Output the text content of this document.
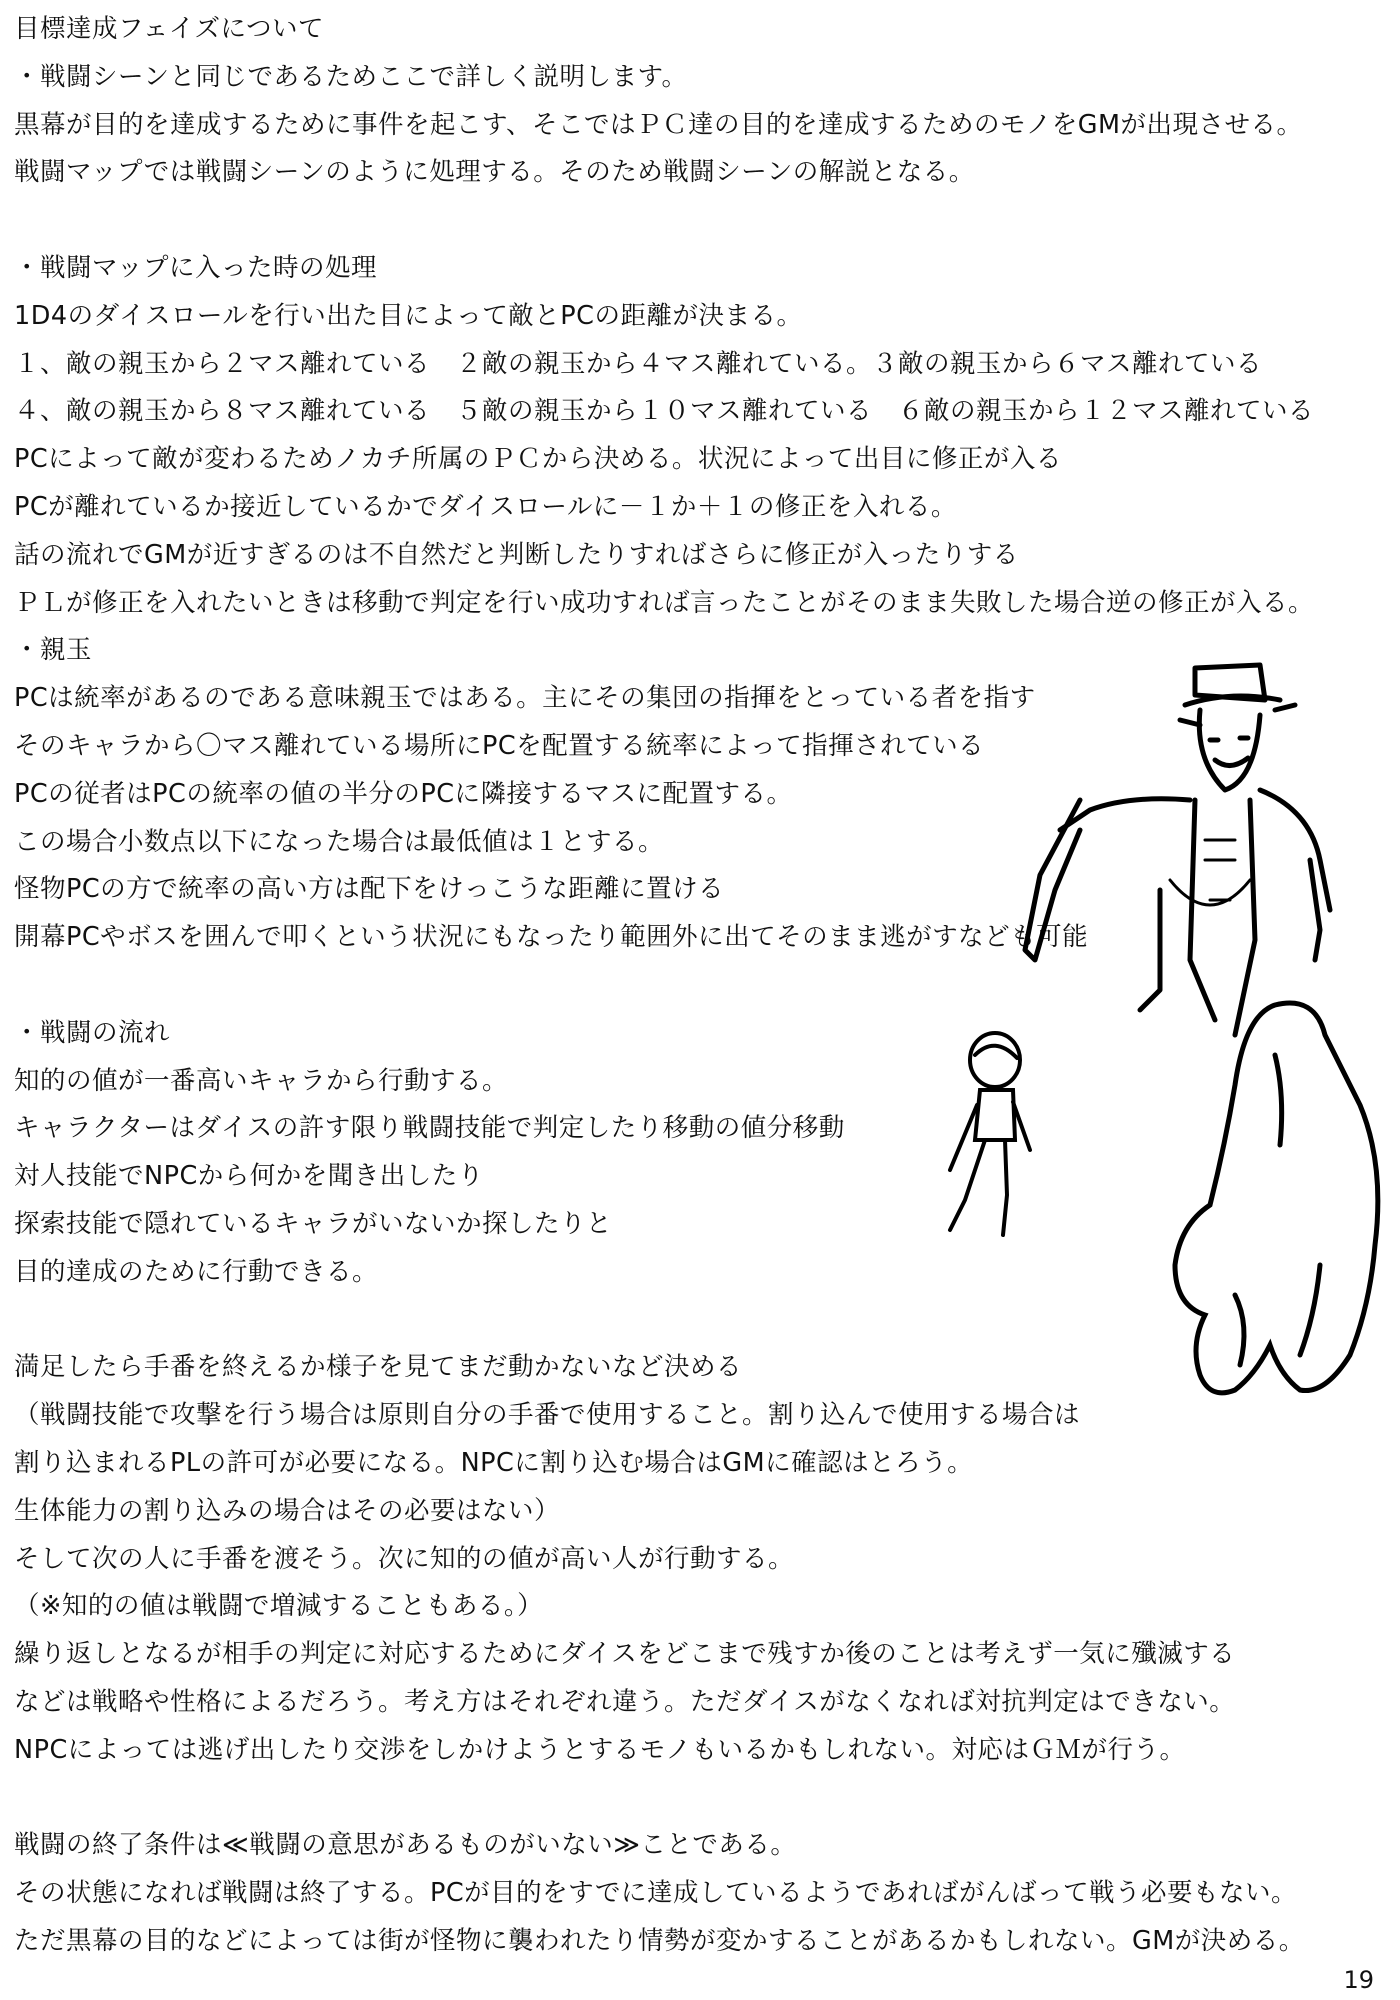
目標達成フェイズについて
・戦闘シーンと同じであるためここで詳しく説明します。
黒幕が目的を達成するために事件を起こす、そこではＰＣ達の目的を達成するためのモノをGMが出現させる。
戦闘マップでは戦闘シーンのように処理する。そのため戦闘シーンの解説となる。
・戦闘マップに入った時の処理
1D4のダイスロールを行い出た目によって敵とPCの距離が決まる。
１、敵の親玉から２マス離れている　２敵の親玉から４マス離れている。３敵の親玉から６マス離れている
４、敵の親玉から８マス離れている　５敵の親玉から１０マス離れている　６敵の親玉から１２マス離れている
PCによって敵が変わるためノカチ所属のＰＣから決める。状況によって出目に修正が入る
PCが離れているか接近しているかでダイスロールに－１か＋１の修正を入れる。
話の流れでGMが近すぎるのは不自然だと判断したりすればさらに修正が入ったりする
ＰＬが修正を入れたいときは移動で判定を行い成功すれば言ったことがそのまま失敗した場合逆の修正が入る。
・親玉
PCは統率があるのである意味親玉ではある。主にその集団の指揮をとっている者を指す
そのキャラから〇マス離れている場所にPCを配置する統率によって指揮されている
PCの従者はPCの統率の値の半分のPCに隣接するマスに配置する。
この場合小数点以下になった場合は最低値は１とする。
怪物PCの方で統率の高い方は配下をけっこうな距離に置ける
開幕PCやボスを囲んで叩くという状況にもなったり範囲外に出てそのまま逃がすなども可能
・戦闘の流れ
知的の値が一番高いキャラから行動する。
キャラクターはダイスの許す限り戦闘技能で判定したり移動の値分移動
対人技能でNPCから何かを聞き出したり
探索技能で隠れているキャラがいないか探したりと
目的達成のために行動できる。
満足したら手番を終えるか様子を見てまだ動かないなど決める
（戦闘技能で攻撃を行う場合は原則自分の手番で使用すること。割り込んで使用する場合は
割り込まれるPLの許可が必要になる。NPCに割り込む場合はGMに確認はとろう。
生体能力の割り込みの場合はその必要はない）
そして次の人に手番を渡そう。次に知的の値が高い人が行動する。
（※知的の値は戦闘で増減することもある。）
繰り返しとなるが相手の判定に対応するためにダイスをどこまで残すか後のことは考えず一気に殲滅する
などは戦略や性格によるだろう。考え方はそれぞれ違う。ただダイスがなくなれば対抗判定はできない。
NPCによっては逃げ出したり交渉をしかけようとするモノもいるかもしれない。対応はＧＭが行う。
戦闘の終了条件は≪戦闘の意思があるものがいない≫ことである。
その状態になれば戦闘は終了する。PCが目的をすでに達成しているようであればがんばって戦う必要もない。
ただ黒幕の目的などによっては街が怪物に襲われたり情勢が変かすることがあるかもしれない。GMが決める。
19
